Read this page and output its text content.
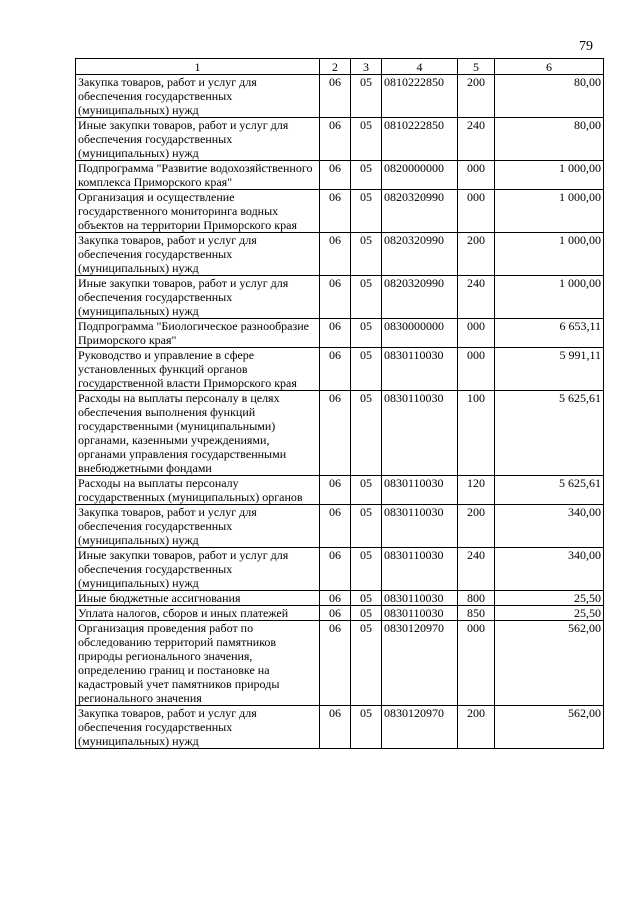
79
1	2	3	4	5	6
Закупка товаров, работ и услуг для обеспечения государственных (муниципальных) нужд	06	05	0810222850	200	80,00
Иные закупки товаров, работ и услуг для обеспечения государственных (муниципальных) нужд	06	05	0810222850	240	80,00
Подпрограмма "Развитие водохозяйственного комплекса Приморского края"	06	05	0820000000	000	1 000,00
Организация и осуществление государственного мониторинга водных объектов на территории Приморского края	06	05	0820320990	000	1 000,00
Закупка товаров, работ и услуг для обеспечения государственных (муниципальных) нужд	06	05	0820320990	200	1 000,00
Иные закупки товаров, работ и услуг для обеспечения государственных (муниципальных) нужд	06	05	0820320990	240	1 000,00
Подпрограмма "Биологическое разнообразие Приморского края"	06	05	0830000000	000	6 653,11
Руководство и управление в сфере установленных функций органов государственной власти Приморского края	06	05	0830110030	000	5 991,11
Расходы на выплаты персоналу в целях обеспечения выполнения функций государственными (муниципальными) органами, казенными учреждениями, органами управления государственными внебюджетными фондами	06	05	0830110030	100	5 625,61
Расходы на выплаты персоналу государственных (муниципальных) органов	06	05	0830110030	120	5 625,61
Закупка товаров, работ и услуг для обеспечения государственных (муниципальных) нужд	06	05	0830110030	200	340,00
Иные закупки товаров, работ и услуг для обеспечения государственных (муниципальных) нужд	06	05	0830110030	240	340,00
Иные бюджетные ассигнования	06	05	0830110030	800	25,50
Уплата налогов, сборов и иных платежей	06	05	0830110030	850	25,50
Организация проведения работ по обследованию территорий памятников природы регионального значения, определению границ и постановке на кадастровый учет памятников природы регионального значения	06	05	0830120970	000	562,00
Закупка товаров, работ и услуг для обеспечения государственных (муниципальных) нужд	06	05	0830120970	200	562,00
